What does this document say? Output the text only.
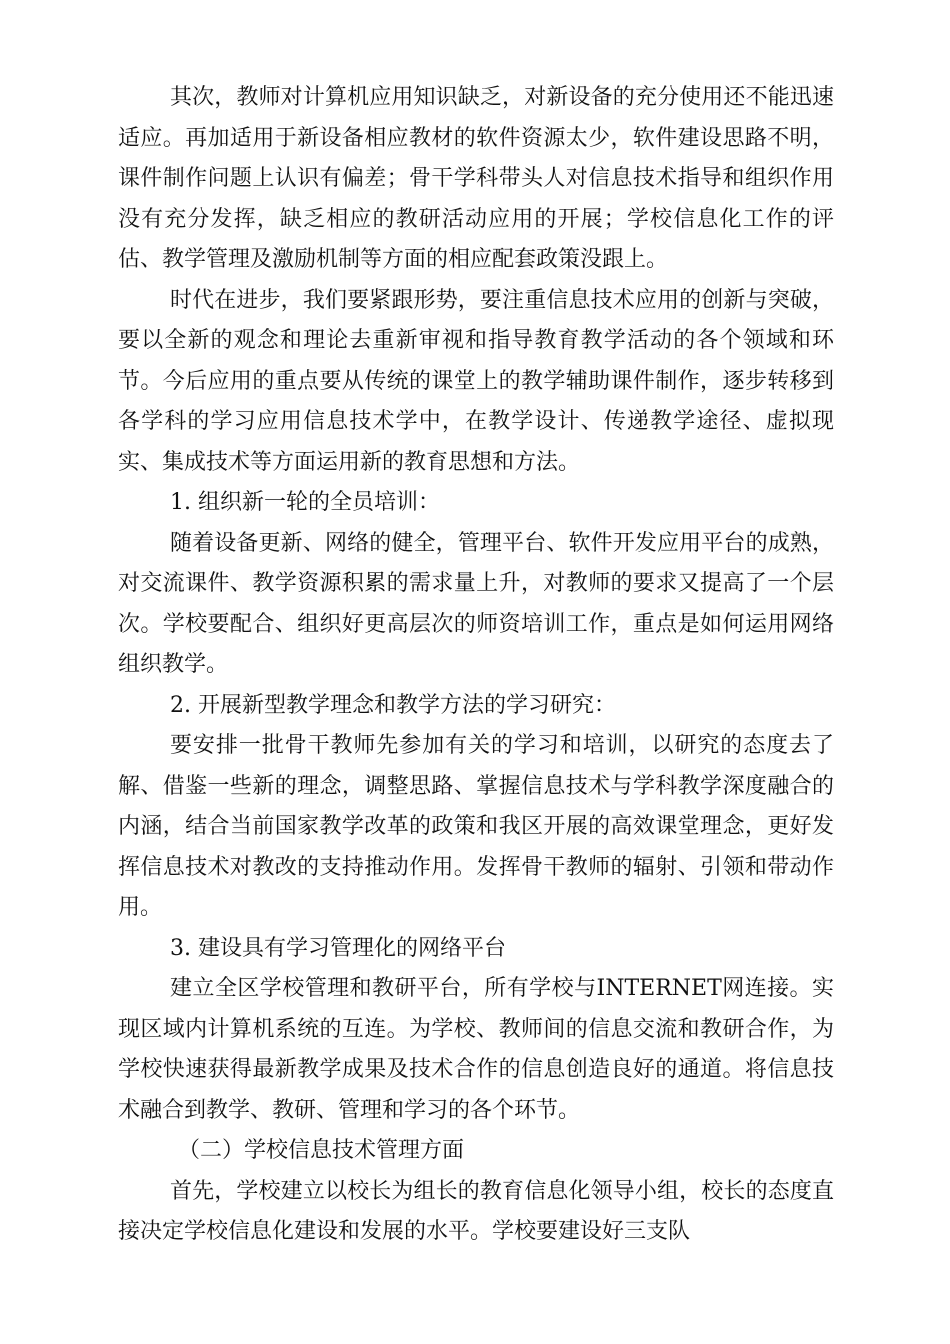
其次，教师对计算机应用知识缺乏，对新设备的充分使用还不能迅速适应。再加适用于新设备相应教材的软件资源太少，软件建设思路不明，课件制作问题上认识有偏差；骨干学科带头人对信息技术指导和组织作用没有充分发挥，缺乏相应的教研活动应用的开展；学校信息化工作的评估、教学管理及激励机制等方面的相应配套政策没跟上。

时代在进步，我们要紧跟形势，要注重信息技术应用的创新与突破，要以全新的观念和理论去重新审视和指导教育教学活动的各个领域和环节。今后应用的重点要从传统的课堂上的教学辅助课件制作，逐步转移到各学科的学习应用信息技术学中，在教学设计、传递教学途径、虚拟现实、集成技术等方面运用新的教育思想和方法。

1. 组织新一轮的全员培训：

随着设备更新、网络的健全，管理平台、软件开发应用平台的成熟，对交流课件、教学资源积累的需求量上升，对教师的要求又提高了一个层次。学校要配合、组织好更高层次的师资培训工作，重点是如何运用网络组织教学。

2. 开展新型教学理念和教学方法的学习研究：

要安排一批骨干教师先参加有关的学习和培训，以研究的态度去了解、借鉴一些新的理念，调整思路、掌握信息技术与学科教学深度融合的内涵，结合当前国家教学改革的政策和我区开展的高效课堂理念，更好发挥信息技术对教改的支持推动作用。发挥骨干教师的辐射、引领和带动作用。

3. 建设具有学习管理化的网络平台

建立全区学校管理和教研平台，所有学校与INTERNET网连接。实现区域内计算机系统的互连。为学校、教师间的信息交流和教研合作，为学校快速获得最新教学成果及技术合作的信息创造良好的通道。将信息技术融合到教学、教研、管理和学习的各个环节。

（二）学校信息技术管理方面

首先，学校建立以校长为组长的教育信息化领导小组，校长的态度直接决定学校信息化建设和发展的水平。学校要建设好三支队
